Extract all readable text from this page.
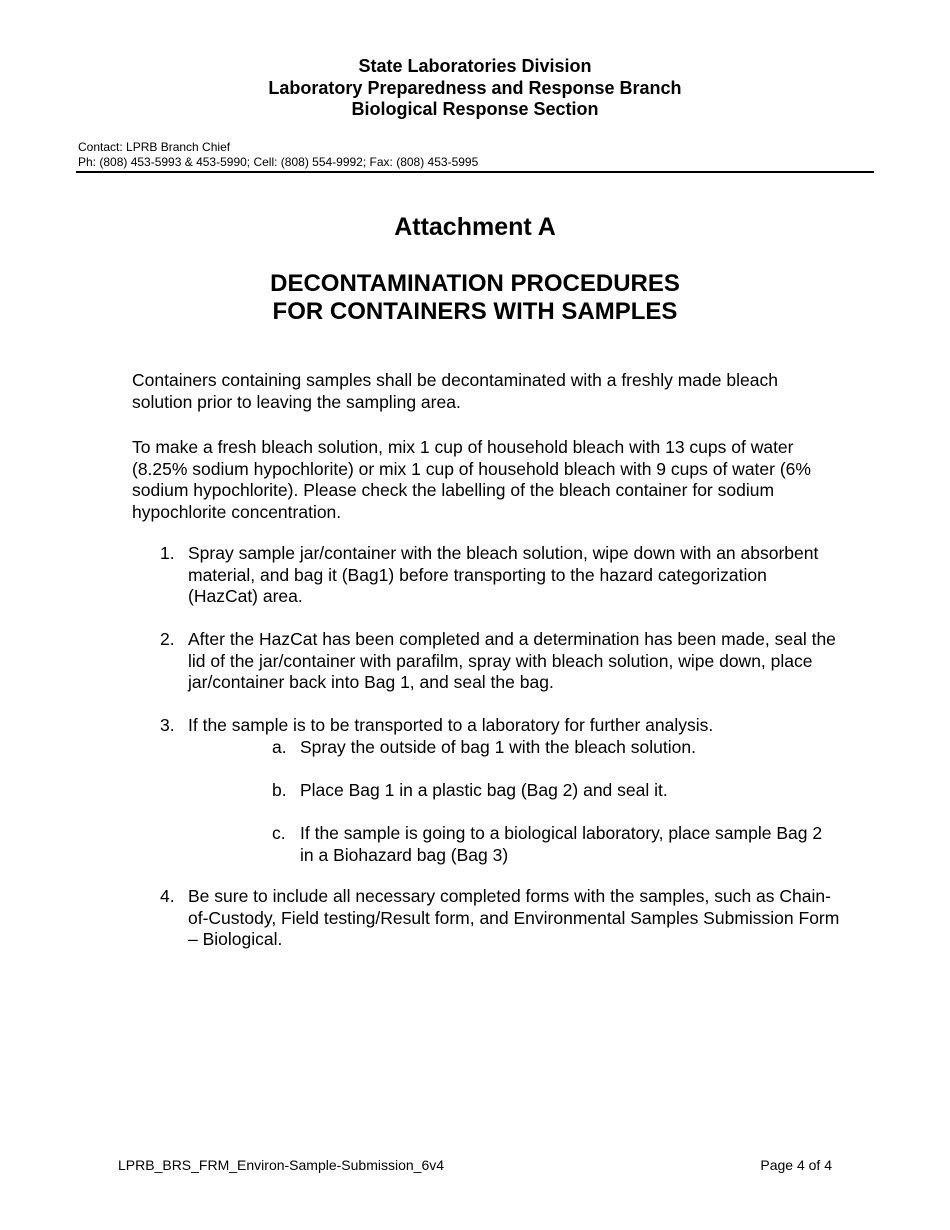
State Laboratories Division
Laboratory Preparedness and Response Branch
Biological Response Section
Contact: LPRB Branch Chief
Ph: (808) 453-5993 & 453-5990; Cell: (808) 554-9992; Fax: (808) 453-5995
Attachment A
DECONTAMINATION PROCEDURES
FOR CONTAINERS WITH SAMPLES
Containers containing samples shall be decontaminated with a freshly made bleach solution prior to leaving the sampling area.
To make a fresh bleach solution, mix 1 cup of household bleach with 13 cups of water (8.25% sodium hypochlorite) or mix 1 cup of household bleach with 9 cups of water (6% sodium hypochlorite). Please check the labelling of the bleach container for sodium hypochlorite concentration.
1. Spray sample jar/container with the bleach solution, wipe down with an absorbent material, and bag it (Bag1) before transporting to the hazard categorization (HazCat) area.
2. After the HazCat has been completed and a determination has been made, seal the lid of the jar/container with parafilm, spray with bleach solution, wipe down, place jar/container back into Bag 1, and seal the bag.
3. If the sample is to be transported to a laboratory for further analysis.
a. Spray the outside of bag 1 with the bleach solution.
b. Place Bag 1 in a plastic bag (Bag 2) and seal it.
c. If the sample is going to a biological laboratory, place sample Bag 2 in a Biohazard bag (Bag 3)
4. Be sure to include all necessary completed forms with the samples, such as Chain-of-Custody, Field testing/Result form, and Environmental Samples Submission Form – Biological.
LPRB_BRS_FRM_Environ-Sample-Submission_6v4	Page 4 of 4
